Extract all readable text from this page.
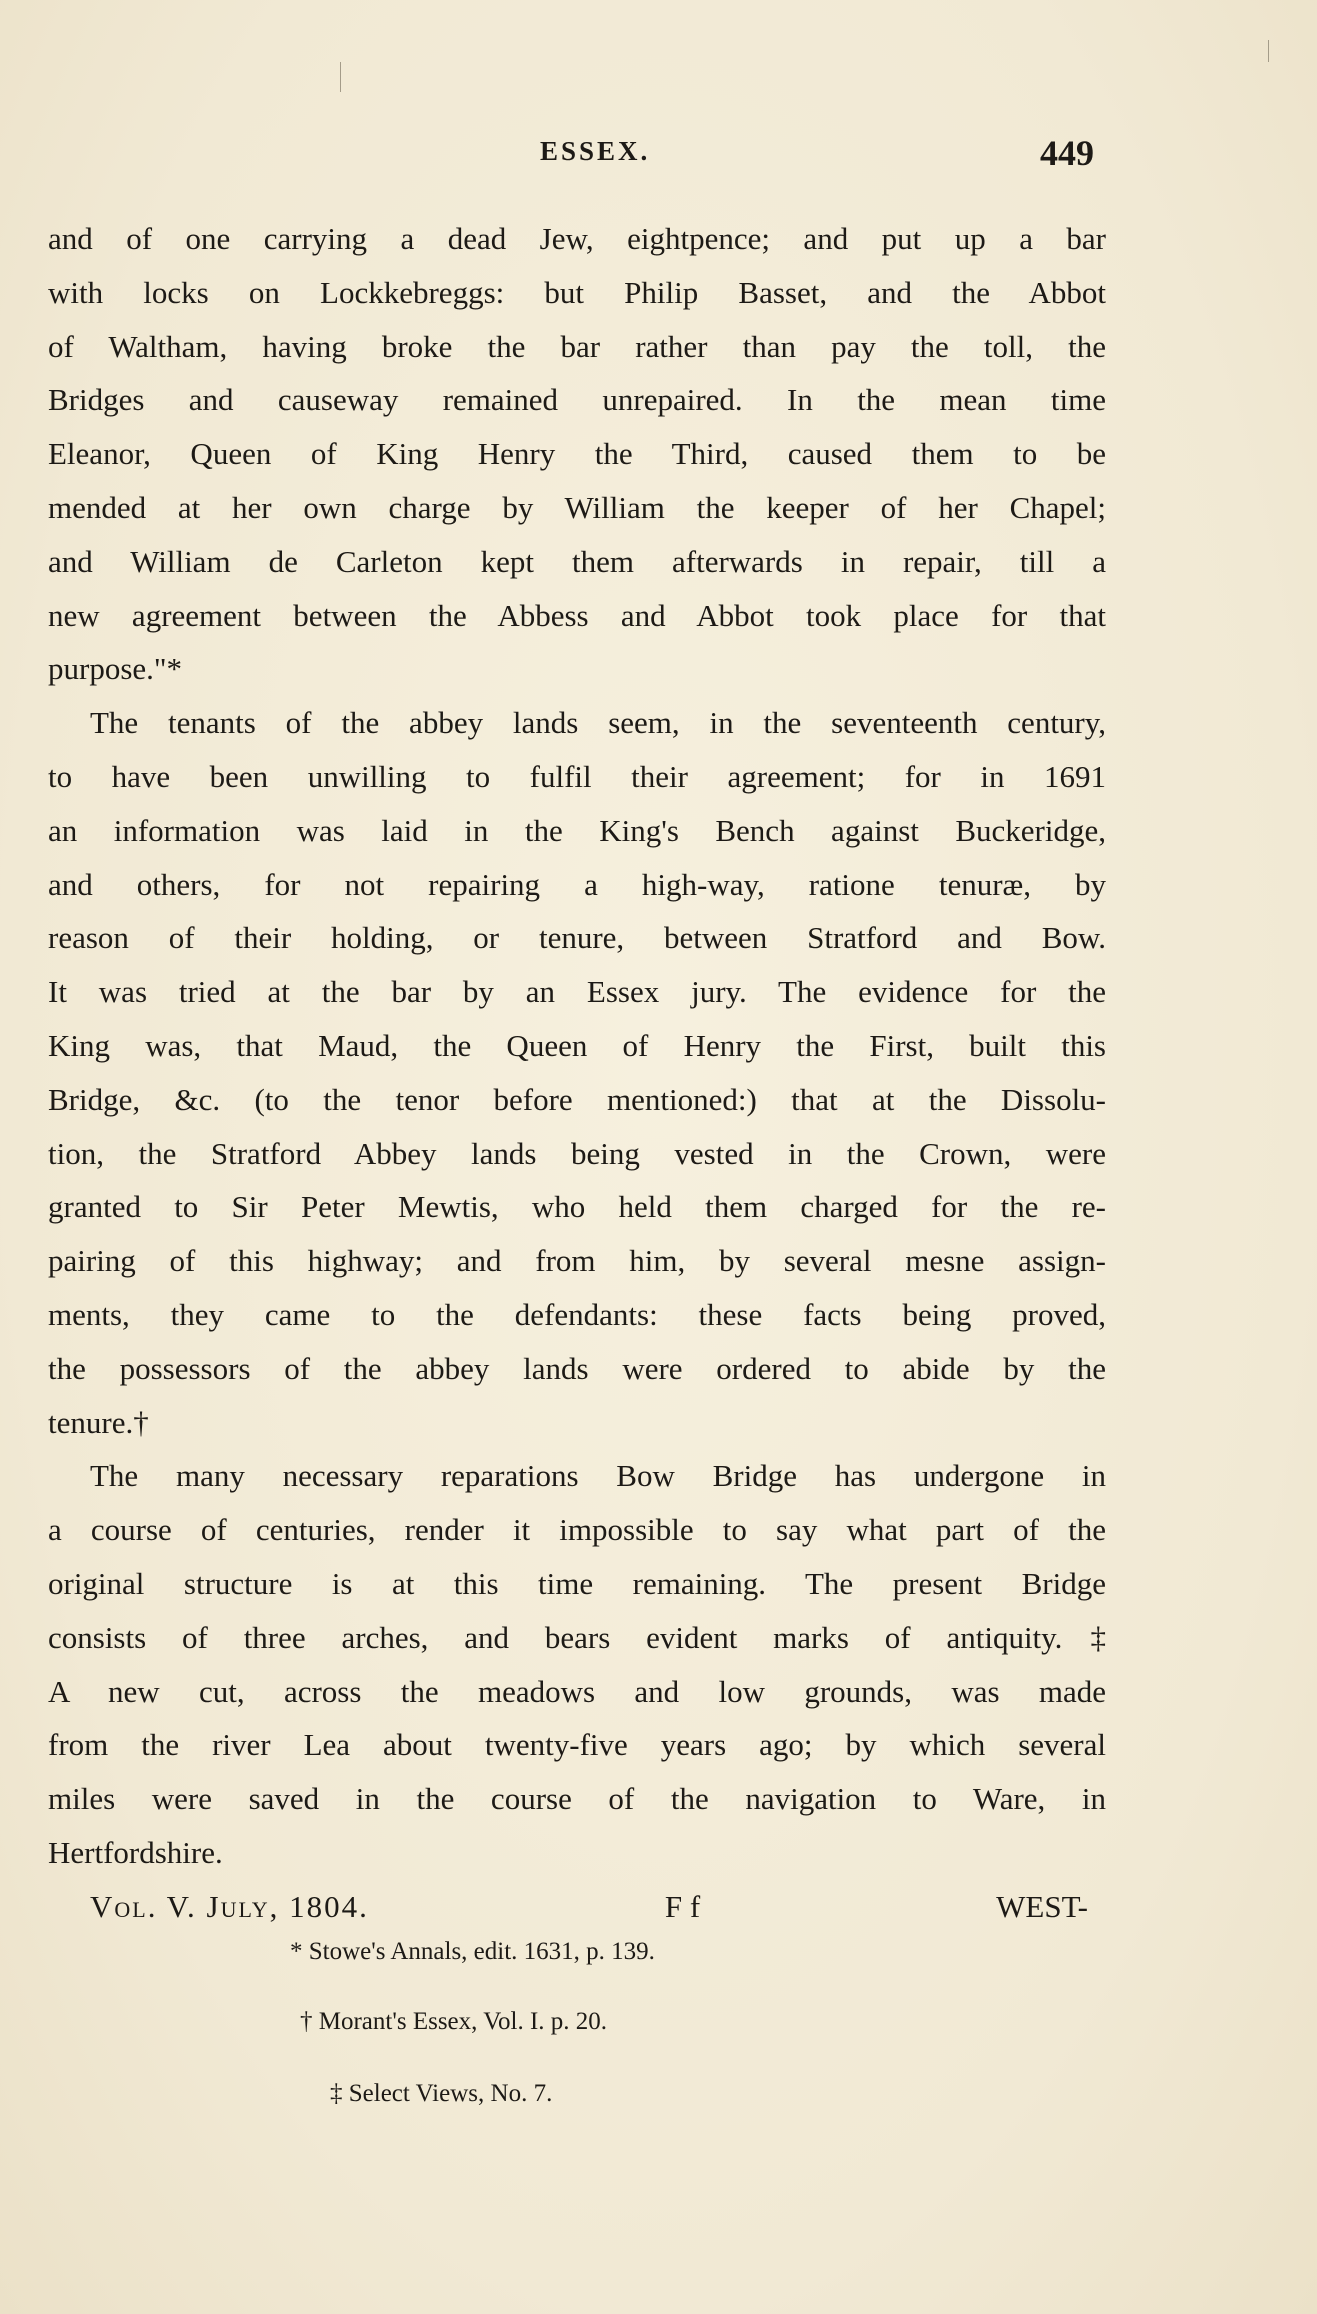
ESSEX.	449
and of one carrying a dead Jew, eightpence; and put up a bar
with locks on Lockkebreggs: but Philip Basset, and the Abbot
of Waltham, having broke the bar rather than pay the toll, the
Bridges and causeway remained unrepaired. In the mean time
Eleanor, Queen of King Henry the Third, caused them to be
mended at her own charge by William the keeper of her Chapel;
and William de Carleton kept them afterwards in repair, till a
new agreement between the Abbess and Abbot took place for that
purpose."*
The tenants of the abbey lands seem, in the seventeenth century,
to have been unwilling to fulfil their agreement; for in 1691
an information was laid in the King's Bench against Buckeridge,
and others, for not repairing a high-way, ratione tenuræ, by
reason of their holding, or tenure, between Stratford and Bow.
It was tried at the bar by an Essex jury. The evidence for the
King was, that Maud, the Queen of Henry the First, built this
Bridge, &c. (to the tenor before mentioned:) that at the Dissolu-
tion, the Stratford Abbey lands being vested in the Crown, were
granted to Sir Peter Mewtis, who held them charged for the re-
pairing of this highway; and from him, by several mesne assign-
ments, they came to the defendants: these facts being proved,
the possessors of the abbey lands were ordered to abide by the
tenure.†
The many necessary reparations Bow Bridge has undergone in
a course of centuries, render it impossible to say what part of the
original structure is at this time remaining. The present Bridge
consists of three arches, and bears evident marks of antiquity.‡
A new cut, across the meadows and low grounds, was made
from the river Lea about twenty-five years ago; by which several
miles were saved in the course of the navigation to Ware, in
Hertfordshire.
Vol. V. July, 1804.	F f	WEST-
* Stowe's Annals, edit. 1631, p. 139.
† Morant's Essex, Vol. I. p. 20.
‡ Select Views, No. 7.
